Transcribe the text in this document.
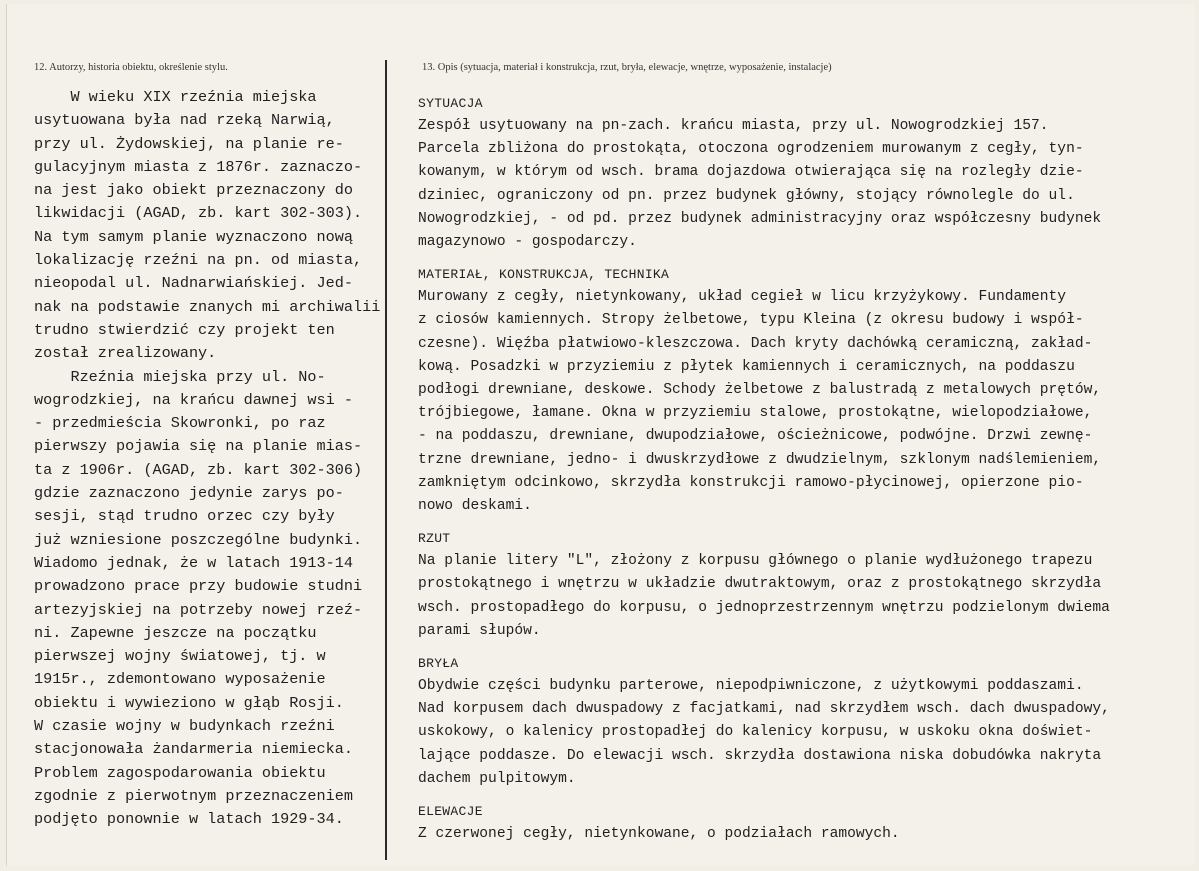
12. Autorzy, historia obiektu, określenie stylu.	13. Opis (sytuacja, materiał i konstrukcja, rzut, bryła, elewacje, wnętrze, wyposażenie, instalacje)

W wieku XIX rzeźnia miejska

usytuowana była nad rzeką Narwią,

przy ul. Żydowskiej, na planie re-

gulacyjnym miasta z 1876r. zaznaczo-

na jest jako obiekt przeznaczony do

likwidacji (AGAD, zb. kart 302-303).

Na tym samym planie wyznaczono nową

lokalizację rzeźni na pn. od miasta,

nieopodal ul. Nadnarwiańskiej. Jed-

nak na podstawie znanych mi archiwalii

trudno stwierdzić czy projekt ten

został zrealizowany.

Rzeźnia miejska przy ul. No-

wogrodzkiej, na krańcu dawnej wsi -

- przedmieścia Skowronki, po raz

pierwszy pojawia się na planie mias-

ta z 1906r. (AGAD, zb. kart 302-306)

gdzie zaznaczono jedynie zarys po-

sesji, stąd trudno orzec czy były

już wzniesione poszczególne budynki.

Wiadomo jednak, że w latach 1913-14

prowadzono prace przy budowie studni

artezyjskiej na potrzeby nowej rzeź-

ni. Zapewne jeszcze na początku

pierwszej wojny światowej, tj. w

1915r., zdemontowano wyposażenie

obiektu i wywieziono w głąb Rosji.

W czasie wojny w budynkach rzeźni

stacjonowała żandarmeria niemiecka.

Problem zagospodarowania obiektu

zgodnie z pierwotnym przeznaczeniem

podjęto ponownie w latach 1929-34.

SYTUACJA
Zespół usytuowany na pn-zach. krańcu miasta, przy ul. Nowogrodzkiej 157.
Parcela zbliżona do prostokąta, otoczona ogrodzeniem murowanym z cegły, tyn-
kowanym, w którym od wsch. brama dojazdowa otwierająca się na rozległy dzie-
dziniec, ograniczony od pn. przez budynek główny, stojący równolegle do ul.
Nowogrodzkiej, - od pd. przez budynek administracyjny oraz współczesny budynek
magazynowo - gospodarczy.
MATERIAŁ, KONSTRUKCJA, TECHNIKA
Murowany z cegły, nietynkowany, układ cegieł w licu krzyżykowy. Fundamenty
z ciosów kamiennych. Stropy żelbetowe, typu Kleina (z okresu budowy i współ-
czesne). Więźba płatwiowo-kleszczowa. Dach kryty dachówką ceramiczną, zakład-
kową. Posadzki w przyziemiu z płytek kamiennych i ceramicznych, na poddaszu
podłogi drewniane, deskowe. Schody żelbetowe z balustradą z metalowych prętów,
trójbiegowe, łamane. Okna w przyziemiu stalowe, prostokątne, wielopodziałowe,
- na poddaszu, drewniane, dwupodziałowe, ościeżnicowe, podwójne. Drzwi zewnę-
trzne drewniane, jedno- i dwuskrzydłowe z dwudzielnym, szklonym nadślemieniem,
zamkniętym odcinkowo, skrzydła konstrukcji ramowo-płycinowej, opierzone pio-
nowo deskami.
RZUT
Na planie litery "L", złożony z korpusu głównego o planie wydłużonego trapezu
prostokątnego i wnętrzu w układzie dwutraktowym, oraz z prostokątnego skrzydła
wsch. prostopadłego do korpusu, o jednoprzestrzennym wnętrzu podzielonym dwiema
parami słupów.
BRYŁA
Obydwie części budynku parterowe, niepodpiwniczone, z użytkowymi poddaszami.
Nad korpusem dach dwuspadowy z facjatkami, nad skrzydłem wsch. dach dwuspadowy,
uskokowy, o kalenicy prostopadłej do kalenicy korpusu, w uskoku okna doświet-
lające poddasze. Do elewacji wsch. skrzydła dostawiona niska dobudówka nakryta
dachem pulpitowym.
ELEWACJE
Z czerwonej cegły, nietynkowane, o podziałach ramowych.
